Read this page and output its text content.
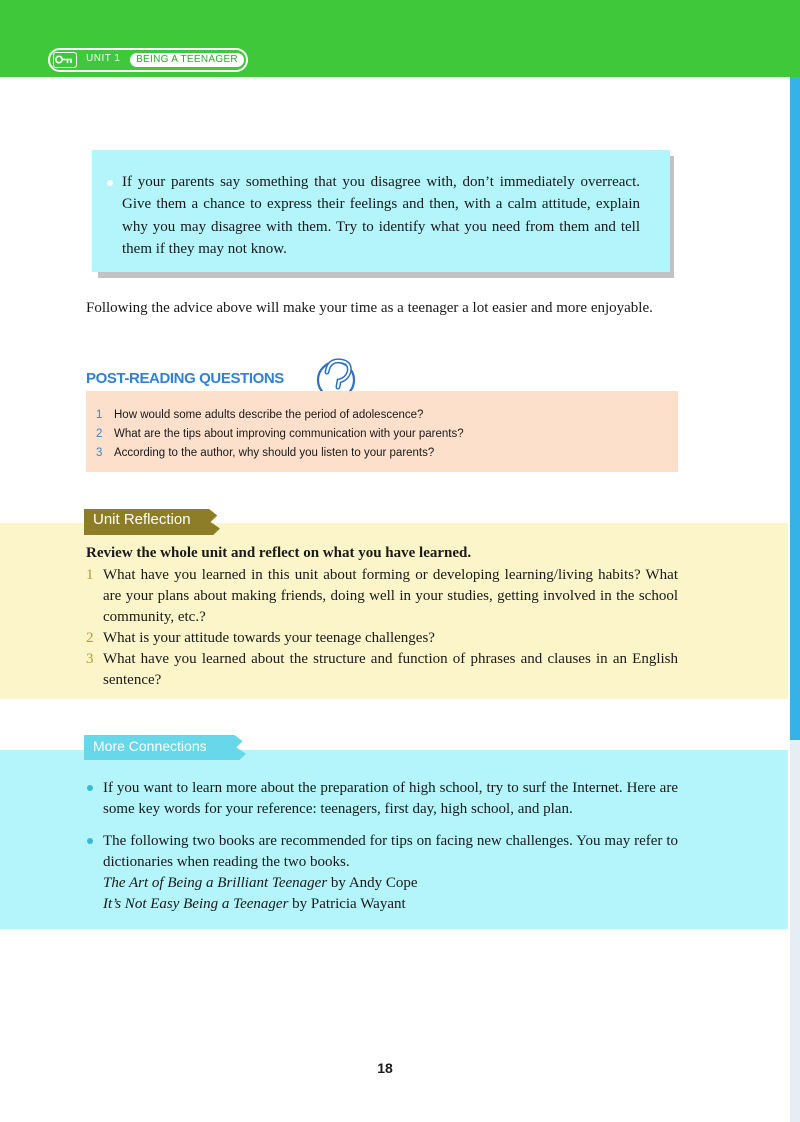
UNIT 1	BEING A TEENAGER

If your parents say something that you disagree with, don’t immediately overreact. Give them a chance to express their feelings and then, with a calm attitude, explain why you may disagree with them. Try to identify what you need from them and tell them if they may not know.

Following the advice above will make your time as a teenager a lot easier and more enjoyable.

POST-READING QUESTIONS
1 How would some adults describe the period of adolescence?
2 What are the tips about improving communication with your parents?
3 According to the author, why should you listen to your parents?
Unit Reflection
Review the whole unit and reflect on what you have learned.
1 What have you learned in this unit about forming or developing learning/living habits? What are your plans about making friends, doing well in your studies, getting involved in the school community, etc.?
2 What is your attitude towards your teenage challenges?
3 What have you learned about the structure and function of phrases and clauses in an English sentence?
More Connections

If you want to learn more about the preparation of high school, try to surf the Internet. Here are some key words for your reference: teenagers, first day, high school, and plan.

The following two books are recommended for tips on facing new challenges. You may refer to dictionaries when reading the two books.
The Art of Being a Brilliant Teenager by Andy Cope
It’s Not Easy Being a Teenager by Patricia Wayant
18
